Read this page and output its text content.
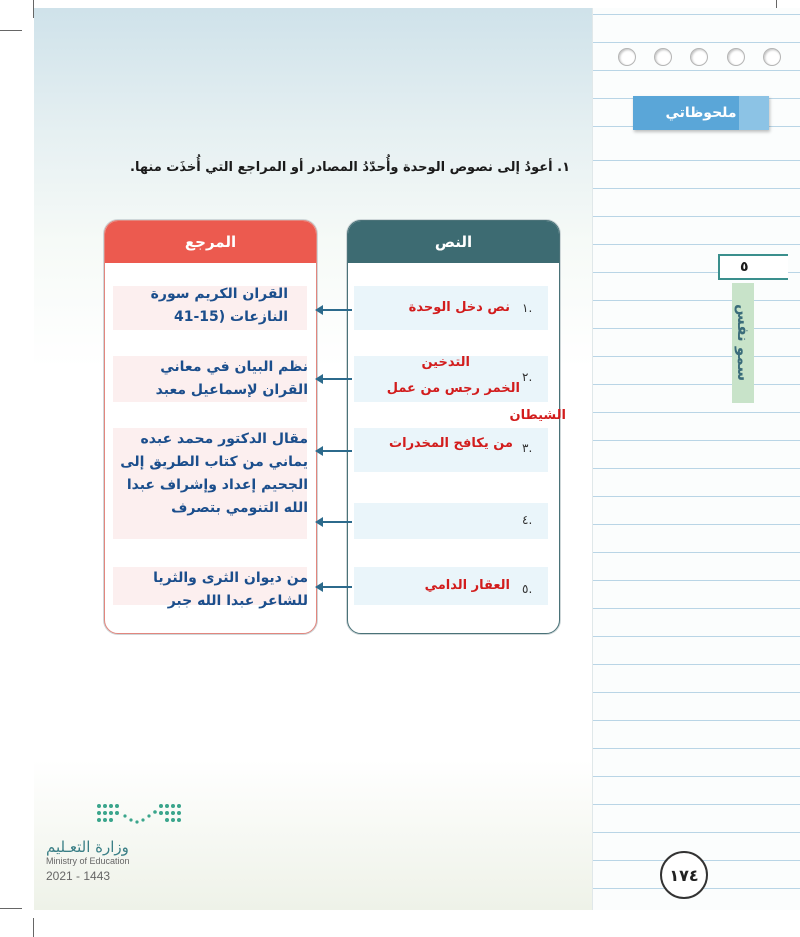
ملحوظاتي
٥
سمو نفس
١. أعودُ إلى نصوص الوحدة وأُحدّدُ المصادر أو المراجع التي أُخذَت منها.
النص
المرجع
١.
٢.
٣.
٤.
٥.
نص دخل الوحدة
التدخين
الخمر رجس من عمل
الشيطان
من يكافح المخدرات
العقار الدامي
القران الكريم سورة النازعات (15-41
نظم البيان في معاني القران لإسماعيل معبد
مقال الدكتور محمد عبده يماني من كتاب الطريق إلى الجحيم إعداد وإشراف عبدا الله التنومي بتصرف
من ديوان الثرى والثريا للشاعر عبدا الله جبر
١٧٤
وزارة التعـليم
Ministry of Education
2021 - 1443
